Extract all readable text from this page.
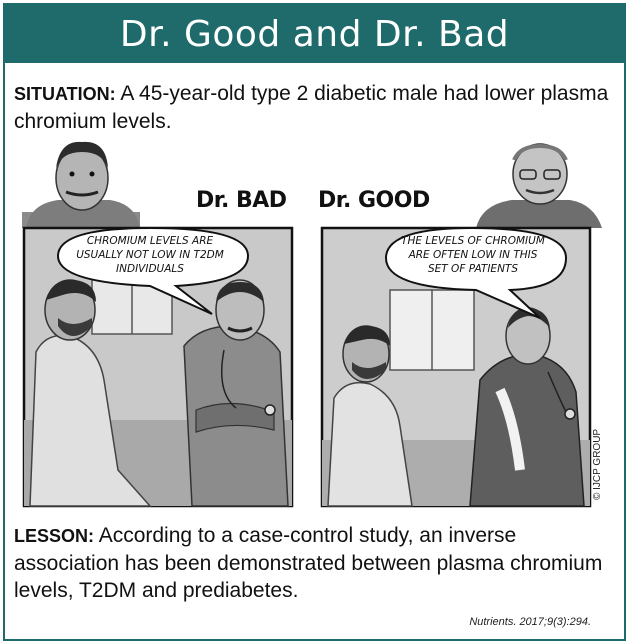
Dr. Good and Dr. Bad
SITUATION: A 45-year-old type 2 diabetic male had lower plasma chromium levels.
Dr. BAD Dr. GOOD
CHROMIUM LEVELS ARE USUALLY NOT LOW IN T2DM INDIVIDUALS
THE LEVELS OF CHROMIUM ARE OFTEN LOW IN THIS SET OF PATIENTS
© IJCP GROUP
LESSON: According to a case-control study, an inverse association has been demonstrated between plasma chromium levels, T2DM and prediabetes.
Nutrients. 2017;9(3):294.
